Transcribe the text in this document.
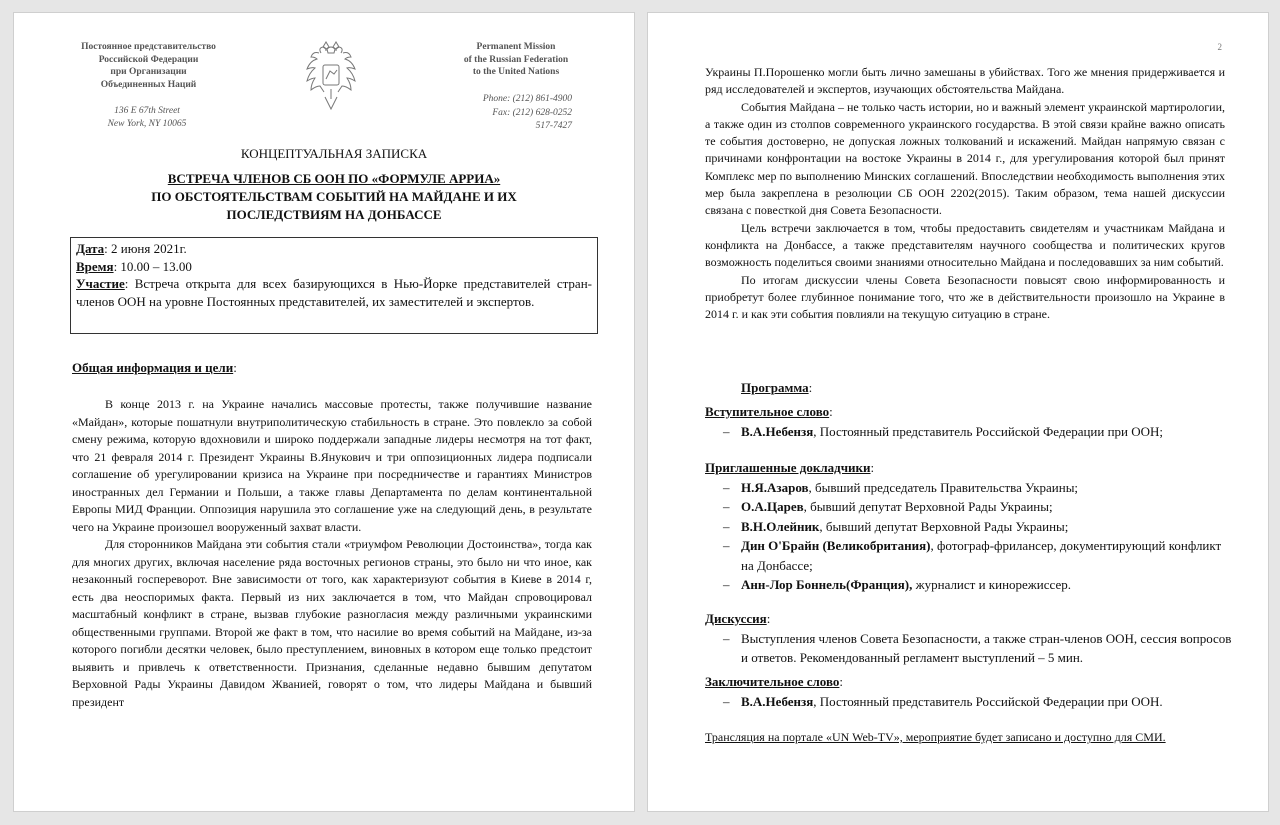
Постоянное представительство
Российской Федерации
при Организации
Объединенных Наций
136 E 67th Street
New York, NY 10065
Permanent Mission
of the Russian Federation
to the United Nations
Phone: (212) 861-4900
Fax: (212) 628-0252
517-7427
КОНЦЕПТУАЛЬНАЯ ЗАПИСКА
ВСТРЕЧА ЧЛЕНОВ СБ ООН ПО «ФОРМУЛЕ АРРИА»
ПО ОБСТОЯТЕЛЬСТВАМ СОБЫТИЙ НА МАЙДАНЕ И ИХ
ПОСЛЕДСТВИЯМ НА ДОНБАССЕ
Дата: 2 июня 2021г.
Время: 10.00 – 13.00
Участие: Встреча открыта для всех базирующихся в Нью-Йорке представителей стран-членов ООН на уровне Постоянных представителей, их заместителей и экспертов.
Общая информация и цели:

В конце 2013 г. на Украине начались массовые протесты, также получившие название «Майдан», которые пошатнули внутриполитическую стабильность в стране. Это повлекло за собой смену режима, которую вдохновили и широко поддержали западные лидеры несмотря на тот факт, что 21 февраля 2014 г. Президент Украины В.Янукович и три оппозиционных лидера подписали соглашение об урегулировании кризиса на Украине при посредничестве и гарантиях Министров иностранных дел Германии и Польши, а также главы Департамента по делам континентальной Европы МИД Франции. Оппозиция нарушила это соглашение уже на следующий день, в результате чего на Украине произошел вооруженный захват власти.

Для сторонников Майдана эти события стали «триумфом Революции Достоинства», тогда как для многих других, включая население ряда восточных регионов страны, это было ни что иное, как незаконный госпереворот. Вне зависимости от того, как характеризуют события в Киеве в 2014 г, есть два неоспоримых факта. Первый из них заключается в том, что Майдан спровоцировал масштабный конфликт в стране, вызвав глубокие разногласия между различными украинскими общественными группами. Второй же факт в том, что насилие во время событий на Майдане, из-за которого погибли десятки человек, было преступлением, виновных в котором еще только предстоит выявить и привлечь к ответственности. Признания, сделанные недавно бывшим депутатом Верховной Рады Украины Давидом Жванией, говорят о том, что лидеры Майдана и бывший президент

2

Украины П.Порошенко могли быть лично замешаны в убийствах. Того же мнения придерживается и ряд исследователей и экспертов, изучающих обстоятельства Майдана.

События Майдана – не только часть истории, но и важный элемент украинской мартирологии, а также один из столпов современного украинского государства. В этой связи крайне важно описать те события достоверно, не допуская ложных толкований и искажений. Майдан напрямую связан с причинами конфронтации на востоке Украины в 2014 г., для урегулирования которой был принят Комплекс мер по выполнению Минских соглашений. Впоследствии необходимость выполнения этих мер была закреплена в резолюции СБ ООН 2202(2015). Таким образом, тема нашей дискуссии связана с повесткой дня Совета Безопасности.

Цель встречи заключается в том, чтобы предоставить свидетелям и участникам Майдана и конфликта на Донбассе, а также представителям научного сообщества и политических кругов возможность поделиться своими знаниями относительно Майдана и последовавших за ним событий.

По итогам дискуссии члены Совета Безопасности повысят свою информированность и приобретут более глубинное понимание того, что же в действительности произошло на Украине в 2014 г. и как эти события повлияли на текущую ситуацию в стране.

Программа:
Вступительное слово:
– В.А.Небензя, Постоянный представитель Российской Федерации при ООН;
Приглашенные докладчики:
– Н.Я.Азаров, бывший председатель Правительства Украины;
– О.А.Царев, бывший депутат Верховной Рады Украины;
– В.Н.Олейник, бывший депутат Верховной Рады Украины;
– Дин О'Брайн (Великобритания), фотограф-фрилансер, документирующий конфликт на Донбассе;
– Анн-Лор Боннель(Франция), журналист и кинорежиссер.
Дискуссия:
– Выступления членов Совета Безопасности, а также стран-членов ООН, сессия вопросов и ответов. Рекомендованный регламент выступлений – 5 мин.
Заключительное слово:
– В.А.Небензя, Постоянный представитель Российской Федерации при ООН.
Трансляция на портале «UN Web-TV», мероприятие будет записано и доступно для СМИ.
